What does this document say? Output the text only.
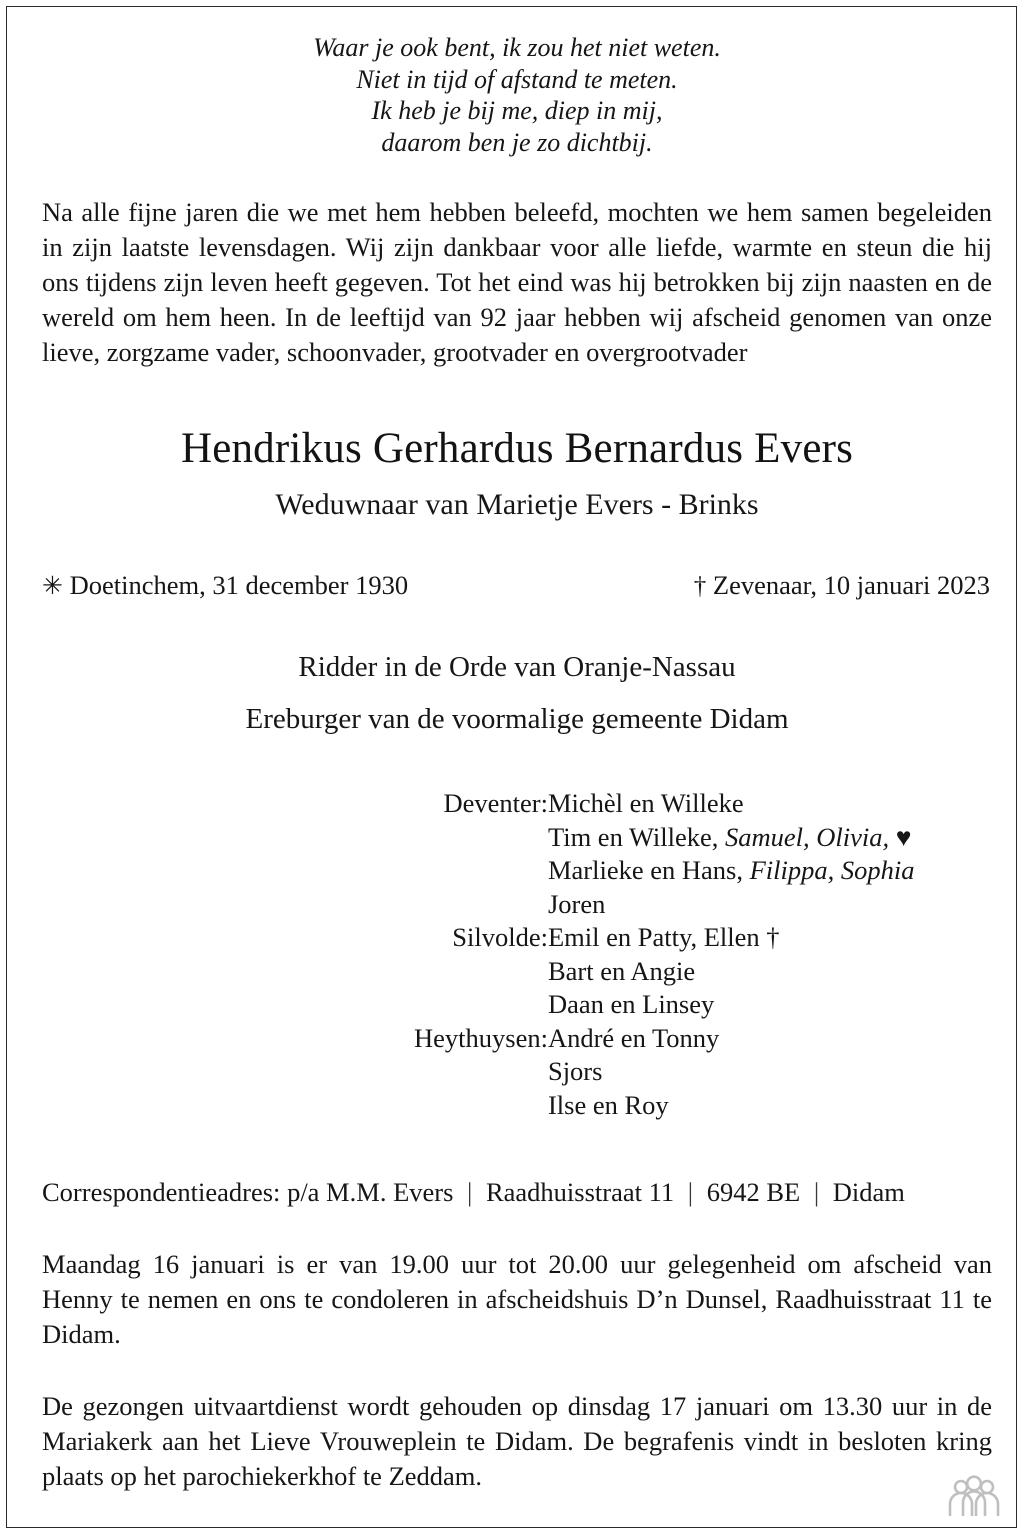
Waar je ook bent, ik zou het niet weten.
Niet in tijd of afstand te meten.
Ik heb je bij me, diep in mij,
daarom ben je zo dichtbij.

Na alle fijne jaren die we met hem hebben beleefd, mochten we hem samen begeleiden in zijn laatste levensdagen. Wij zijn dankbaar voor alle liefde, warmte en steun die hij ons tijdens zijn leven heeft gegeven. Tot het eind was hij betrokken bij zijn naasten en de wereld om hem heen. In de leeftijd van 92 jaar hebben wij afscheid genomen van onze lieve, zorgzame vader, schoonvader, grootvader en overgrootvader

Hendrikus Gerhardus Bernardus Evers
Weduwnaar van Marietje Evers - Brinks
✳ Doetinchem, 31 december 1930	† Zevenaar, 10 januari 2023
Ridder in de Orde van Oranje-Nassau
Ereburger van de voormalige gemeente Didam
Deventer:	Michèl en Willeke
	Tim en Willeke, Samuel, Olivia, ♥
	Marlieke en Hans, Filippa, Sophia
	Joren
Silvolde:	Emil en Patty, Ellen †
	Bart en Angie
	Daan en Linsey
Heythuysen:	André en Tonny
	Sjors
	Ilse en Roy
Correspondentieadres: p/a M.M. Evers | Raadhuisstraat 11 | 6942 BE | Didam

Maandag 16 januari is er van 19.00 uur tot 20.00 uur gelegenheid om afscheid van Henny te nemen en ons te condoleren in afscheidshuis D’n Dunsel, Raadhuisstraat 11 te Didam.

De gezongen uitvaartdienst wordt gehouden op dinsdag 17 januari om 13.30 uur in de Mariakerk aan het Lieve Vrouweplein te Didam. De begrafenis vindt in besloten kring plaats op het parochiekerkhof te Zeddam.
